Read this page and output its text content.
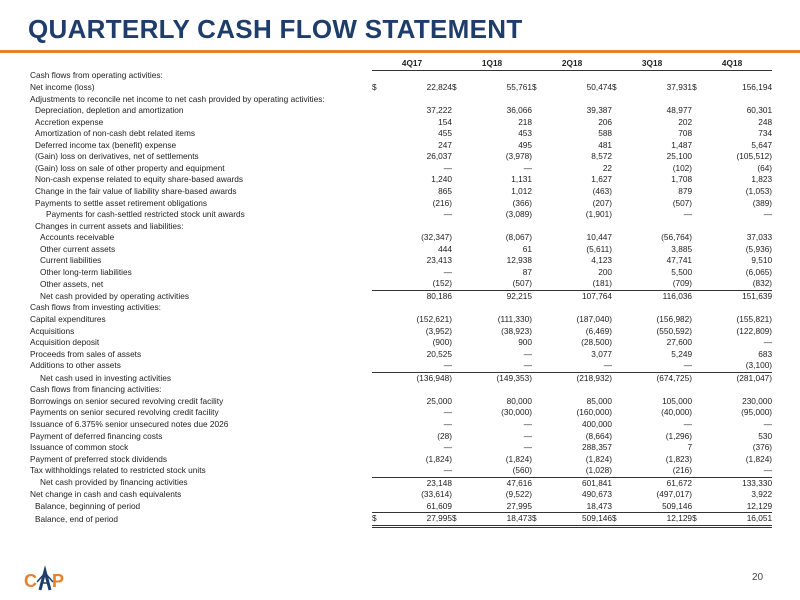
QUARTERLY CASH FLOW STATEMENT
	4Q17		1Q18		2Q18		3Q18		4Q18	
Cash flows from operating activities:										
Net income (loss)	$	22,824	$	55,761	$	50,474	$	37,931	$	156,194
Adjustments to reconcile net income to net cash provided by operating activities:										
Depreciation, depletion and amortization		37,222		36,066		39,387		48,977		60,301
Accretion expense		154		218		206		202		248
Amortization of non-cash debt related items		455		453		588		708		734
Deferred income tax (benefit) expense		247		495		481		1,487		5,647
(Gain) loss on derivatives, net of settlements		26,037		(3,978)		8,572		25,100		(105,512)
(Gain) loss on sale of other property and equipment		—		—		22		(102)		(64)
Non-cash expense related to equity share-based awards		1,240		1,131		1,627		1,708		1,823
Change in the fair value of liability share-based awards		865		1,012		(463)		879		(1,053)
Payments to settle asset retirement obligations		(216)		(366)		(207)		(507)		(389)
Payments for cash-settled restricted stock unit awards		—		(3,089)		(1,901)		—		—
Changes in current assets and liabilities:										
Accounts receivable		(32,347)		(8,067)		10,447		(56,764)		37,033
Other current assets		444		61		(5,611)		3,885		(5,936)
Current liabilities		23,413		12,938		4,123		47,741		9,510
Other long-term liabilities		—		87		200		5,500		(6,065)
Other assets, net		(152)		(507)		(181)		(709)		(832)
Net cash provided by operating activities		80,186		92,215		107,764		116,036		151,639
Cash flows from investing activities:										
Capital expenditures		(152,621)		(111,330)		(187,040)		(156,982)		(155,821)
Acquisitions		(3,952)		(38,923)		(6,469)		(550,592)		(122,809)
Acquisition deposit		(900)		900		(28,500)		27,600		—
Proceeds from sales of assets		20,525		—		3,077		5,249		683
Additions to other assets		—		—		—		—		(3,100)
Net cash used in investing activities		(136,948)		(149,353)		(218,932)		(674,725)		(281,047)
Cash flows from financing activities:										
Borrowings on senior secured revolving credit facility		25,000		80,000		85,000		105,000		230,000
Payments on senior secured revolving credit facility		—		(30,000)		(160,000)		(40,000)		(95,000)
Issuance of 6.375% senior unsecured notes due 2026		—		—		400,000		—		—
Payment of deferred financing costs		(28)		—		(8,664)		(1,296)		530
Issuance of common stock		—		—		288,357		7		(376)
Payment of preferred stock dividends		(1,824)		(1,824)		(1,824)		(1,823)		(1,824)
Tax withholdings related to restricted stock units		—		(560)		(1,028)		(216)		—
Net cash provided by financing activities		23,148		47,616		601,841		61,672		133,330
Net change in cash and cash equivalents		(33,614)		(9,522)		490,673		(497,017)		3,922
Balance, beginning of period		61,609		27,995		18,473		509,146		12,129
Balance, end of period	$	27,995	$	18,473	$	509,146	$	12,129	$	16,051
C P	20
